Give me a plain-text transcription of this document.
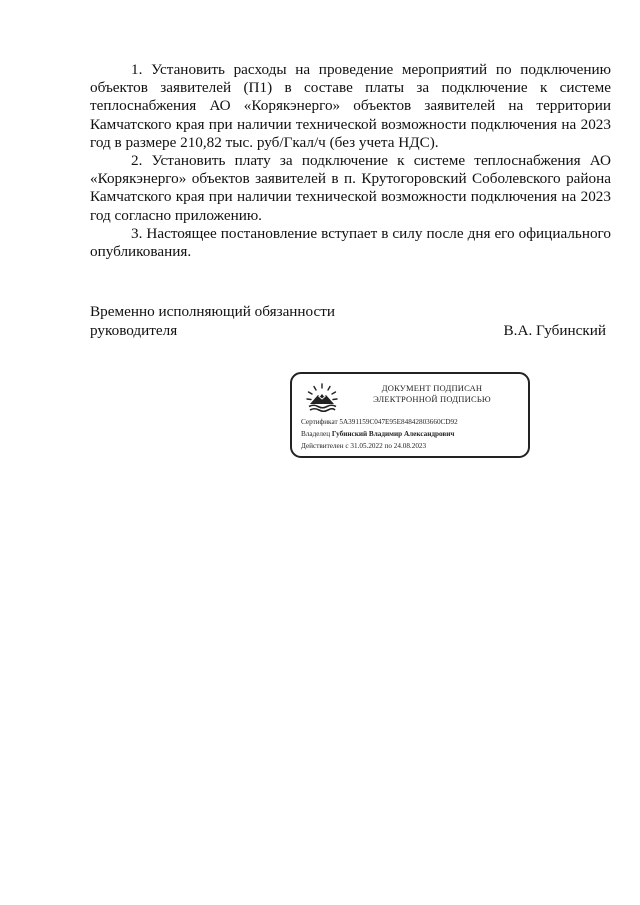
1. Установить расходы на проведение мероприятий по подключению объектов заявителей (П1) в составе платы за подключение к системе теплоснабжения АО «Корякэнерго» объектов заявителей на территории Камчатского края при наличии технической возможности подключения на 2023 год в размере 210,82 тыс. руб/Гкал/ч (без учета НДС).

2. Установить плату за подключение к системе теплоснабжения АО «Корякэнерго» объектов заявителей в п. Крутогоровский Соболевского района Камчатского края при наличии технической возможности подключения на 2023 год согласно приложению.

3. Настоящее постановление вступает в силу после дня его официального опубликования.

Временно исполняющий обязанности
руководителя	В.А. Губинский
ДОКУМЕНТ ПОДПИСАН
ЭЛЕКТРОННОЙ ПОДПИСЬЮ
Сертификат 5A391159C047E95E84842803660CD92
Владелец Губинский Владимир Александрович
Действителен с 31.05.2022 по 24.08.2023
